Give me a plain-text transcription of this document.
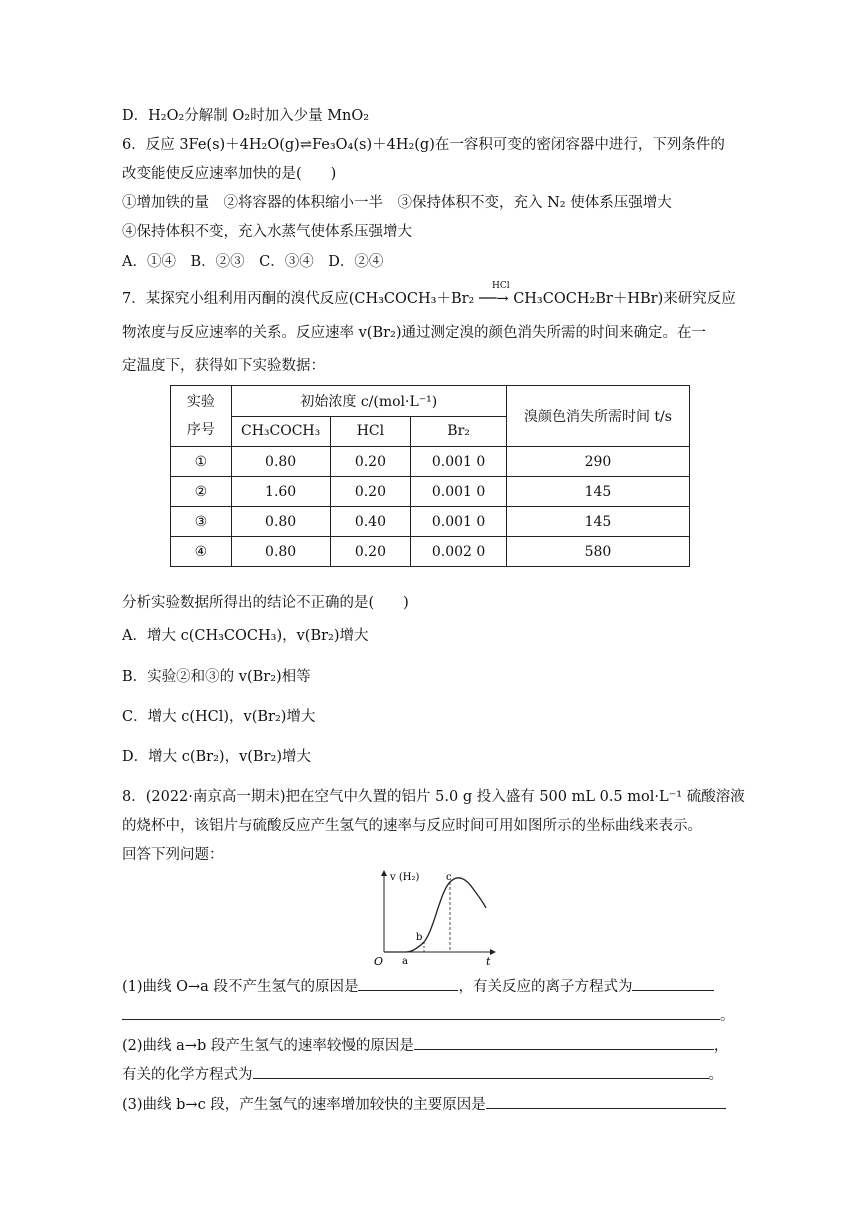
D．H₂O₂分解制 O₂时加入少量 MnO₂
6．反应 3Fe(s)＋4H₂O(g)⇌Fe₃O₄(s)＋4H₂(g)在一容积可变的密闭容器中进行，下列条件的
改变能使反应速率加快的是(　　)
①增加铁的量　②将容器的体积缩小一半　③保持体积不变，充入 N₂ 使体系压强增大
④保持体积不变，充入水蒸气使体系压强增大
A．①④　B．②③　C．③④　D．②④
HCl
7．某探究小组利用丙酮的溴代反应(CH₃COCH₃＋Br₂ ──→ CH₃COCH₂Br＋HBr)来研究反应
物浓度与反应速率的关系。反应速率 v(Br₂)通过测定溴的颜色消失所需的时间来确定。在一
定温度下，获得如下实验数据：
实验
序号	初始浓度 c/(mol·L⁻¹)			溴颜色消失所需时间 t/s
	CH₃COCH₃	HCl	Br₂	
①	0.80	0.20	0.001 0	290
②	1.60	0.20	0.001 0	145
③	0.80	0.40	0.001 0	145
④	0.80	0.20	0.002 0	580
分析实验数据所得出的结论不正确的是(　　)
A．增大 c(CH₃COCH₃)，v(Br₂)增大
B．实验②和③的 v(Br₂)相等
C．增大 c(HCl)，v(Br₂)增大
D．增大 c(Br₂)，v(Br₂)增大
8．(2022·南京高一期末)把在空气中久置的铝片 5.0 g 投入盛有 500 mL 0.5 mol·L⁻¹ 硫酸溶液
的烧杯中，该铝片与硫酸反应产生氢气的速率与反应时间可用如图所示的坐标曲线来表示。
回答下列问题：
v (H₂)
t
O a
b
c
(1)曲线 O→a 段不产生氢气的原因是	，有关反应的离子方程式为
。
(2)曲线 a→b 段产生氢气的速率较慢的原因是	，
有关的化学方程式为	。
(3)曲线 b→c 段，产生氢气的速率增加较快的主要原因是
